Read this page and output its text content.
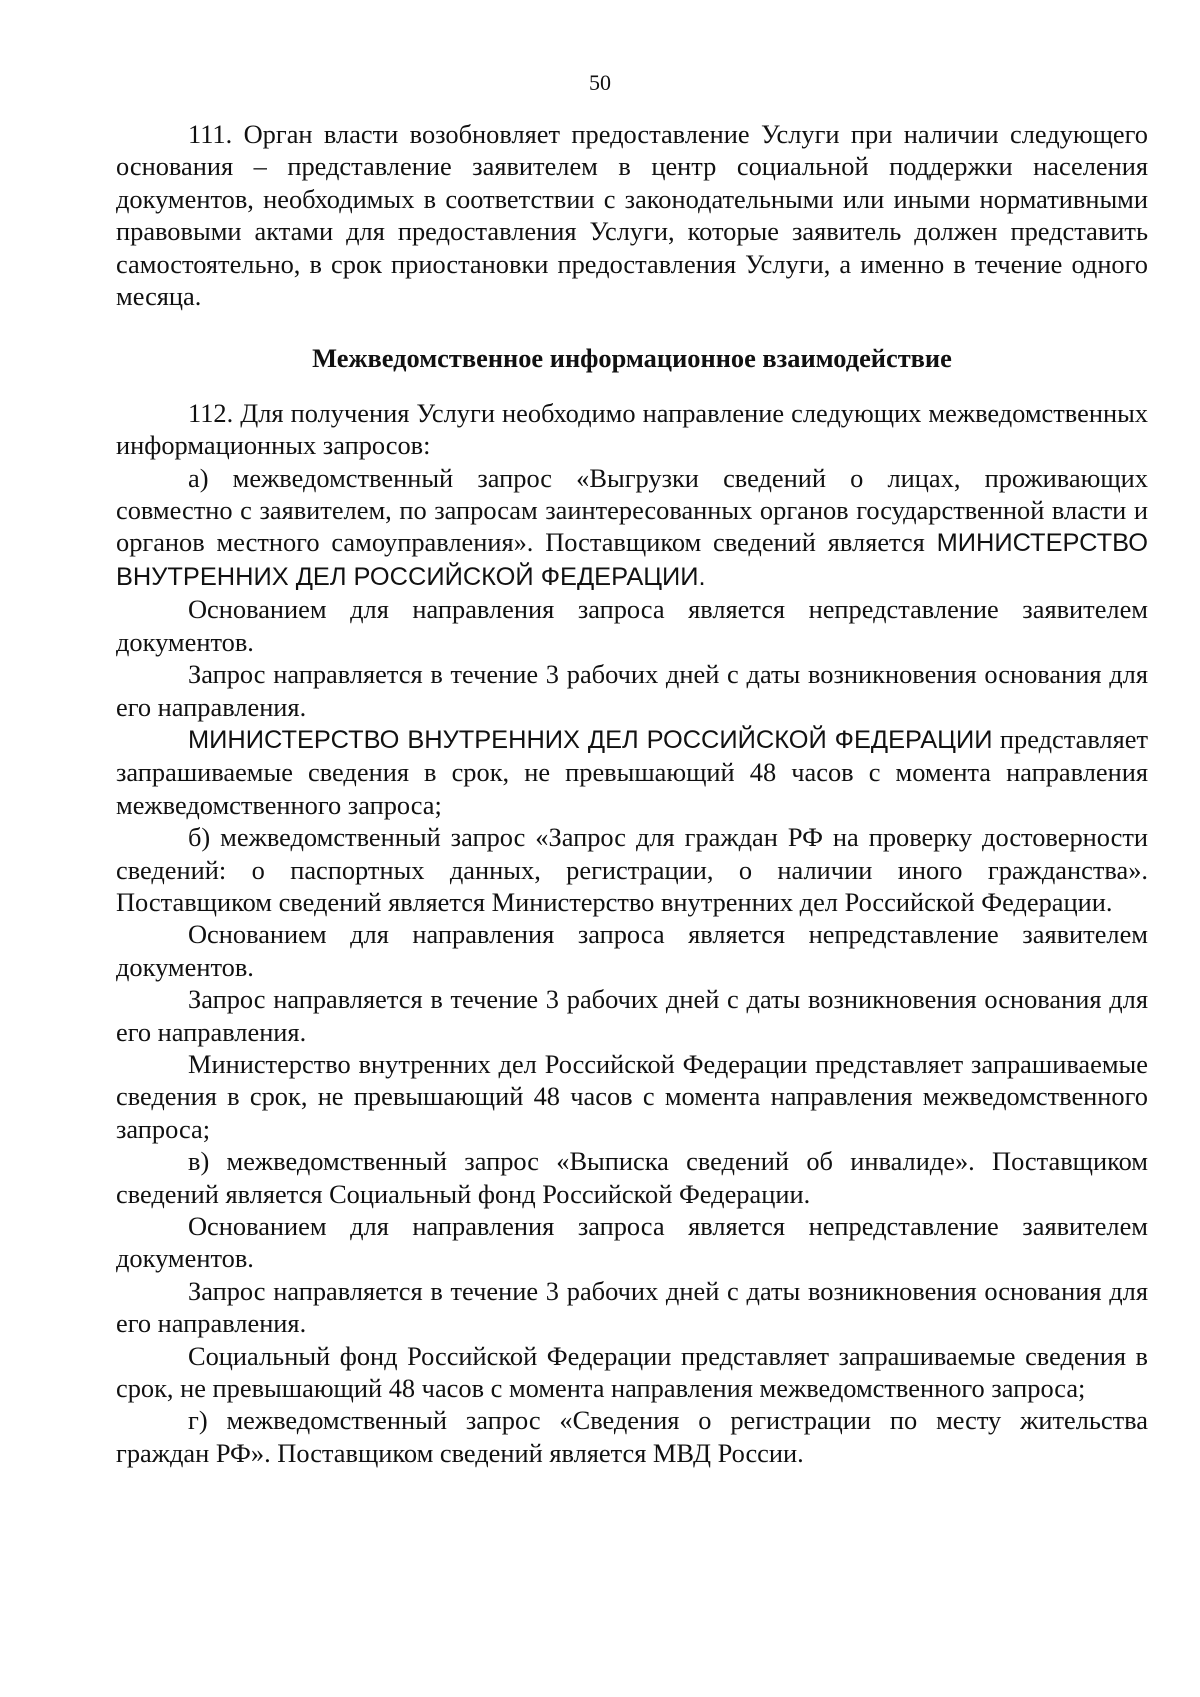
50

111. Орган власти возобновляет предоставление Услуги при наличии следующего основания – представление заявителем в центр социальной поддержки населения документов, необходимых в соответствии с законодательными или иными нормативными правовыми актами для предоставления Услуги, которые заявитель должен представить самостоятельно, в срок приостановки предоставления Услуги, а именно в течение одного месяца.

Межведомственное информационное взаимодействие

112. Для получения Услуги необходимо направление следующих межведомственных информационных запросов:

а) межведомственный запрос «Выгрузки сведений о лицах, проживающих совместно с заявителем, по запросам заинтересованных органов государственной власти и органов местного самоуправления». Поставщиком сведений является МИНИСТЕРСТВО ВНУТРЕННИХ ДЕЛ РОССИЙСКОЙ ФЕДЕРАЦИИ.

Основанием для направления запроса является непредставление заявителем документов.

Запрос направляется в течение 3 рабочих дней с даты возникновения основания для его направления.

МИНИСТЕРСТВО ВНУТРЕННИХ ДЕЛ РОССИЙСКОЙ ФЕДЕРАЦИИ представляет запрашиваемые сведения в срок, не превышающий 48 часов с момента направления межведомственного запроса;

б) межведомственный запрос «Запрос для граждан РФ на проверку достоверности сведений: о паспортных данных, регистрации, о наличии иного гражданства». Поставщиком сведений является Министерство внутренних дел Российской Федерации.

Основанием для направления запроса является непредставление заявителем документов.

Запрос направляется в течение 3 рабочих дней с даты возникновения основания для его направления.

Министерство внутренних дел Российской Федерации представляет запрашиваемые сведения в срок, не превышающий 48 часов с момента направления межведомственного запроса;

в) межведомственный запрос «Выписка сведений об инвалиде». Поставщиком сведений является Социальный фонд Российской Федерации.

Основанием для направления запроса является непредставление заявителем документов.

Запрос направляется в течение 3 рабочих дней с даты возникновения основания для его направления.

Социальный фонд Российской Федерации представляет запрашиваемые сведения в срок, не превышающий 48 часов с момента направления межведомственного запроса;

г) межведомственный запрос «Сведения о регистрации по месту жительства граждан РФ». Поставщиком сведений является МВД России.
